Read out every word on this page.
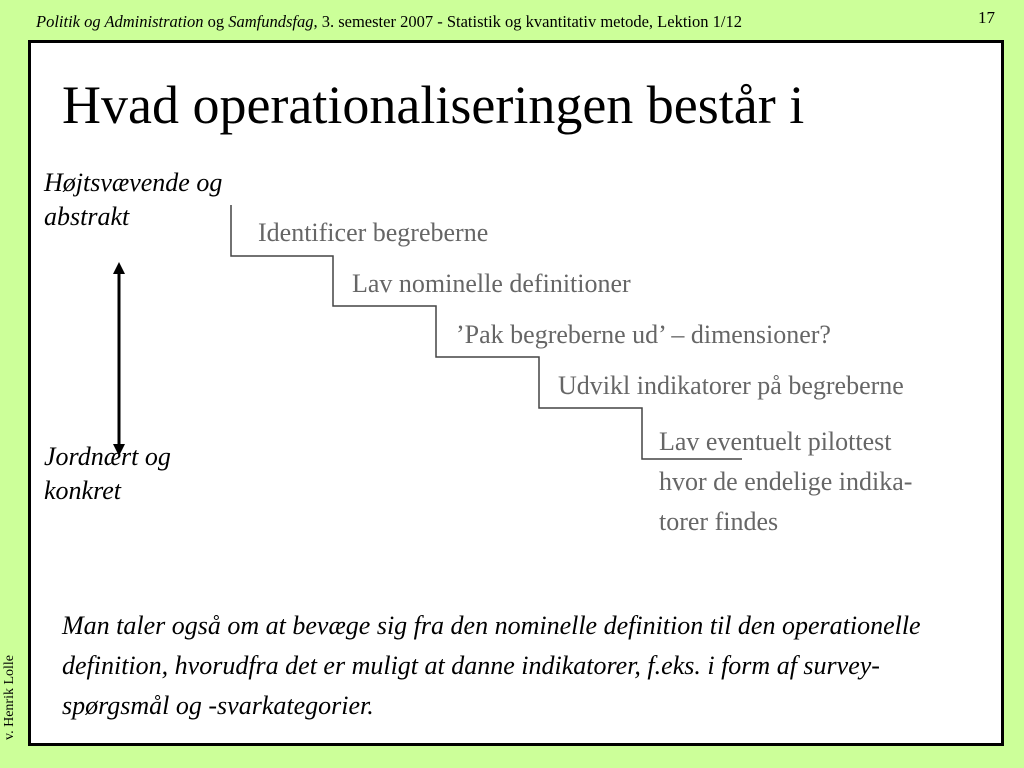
Politik og Administration og Samfundsfag, 3. semester 2007 - Statistik og kvantitativ metode, Lektion 1/12	17
v. Henrik Lolle
Hvad operationaliseringen består i
Højtsvævende og
abstrakt
Jordnært og
konkret
Identificer begreberne
Lav nominelle definitioner
’Pak begreberne ud’ – dimensioner?
Udvikl indikatorer på begreberne
Lav eventuelt pilottest
hvor de endelige indika-
torer findes
Man taler også om at bevæge sig fra den nominelle definition til den operationelle definition, hvorudfra det er muligt at danne indikatorer, f.eks. i form af survey-spørgsmål og -svarkategorier.
